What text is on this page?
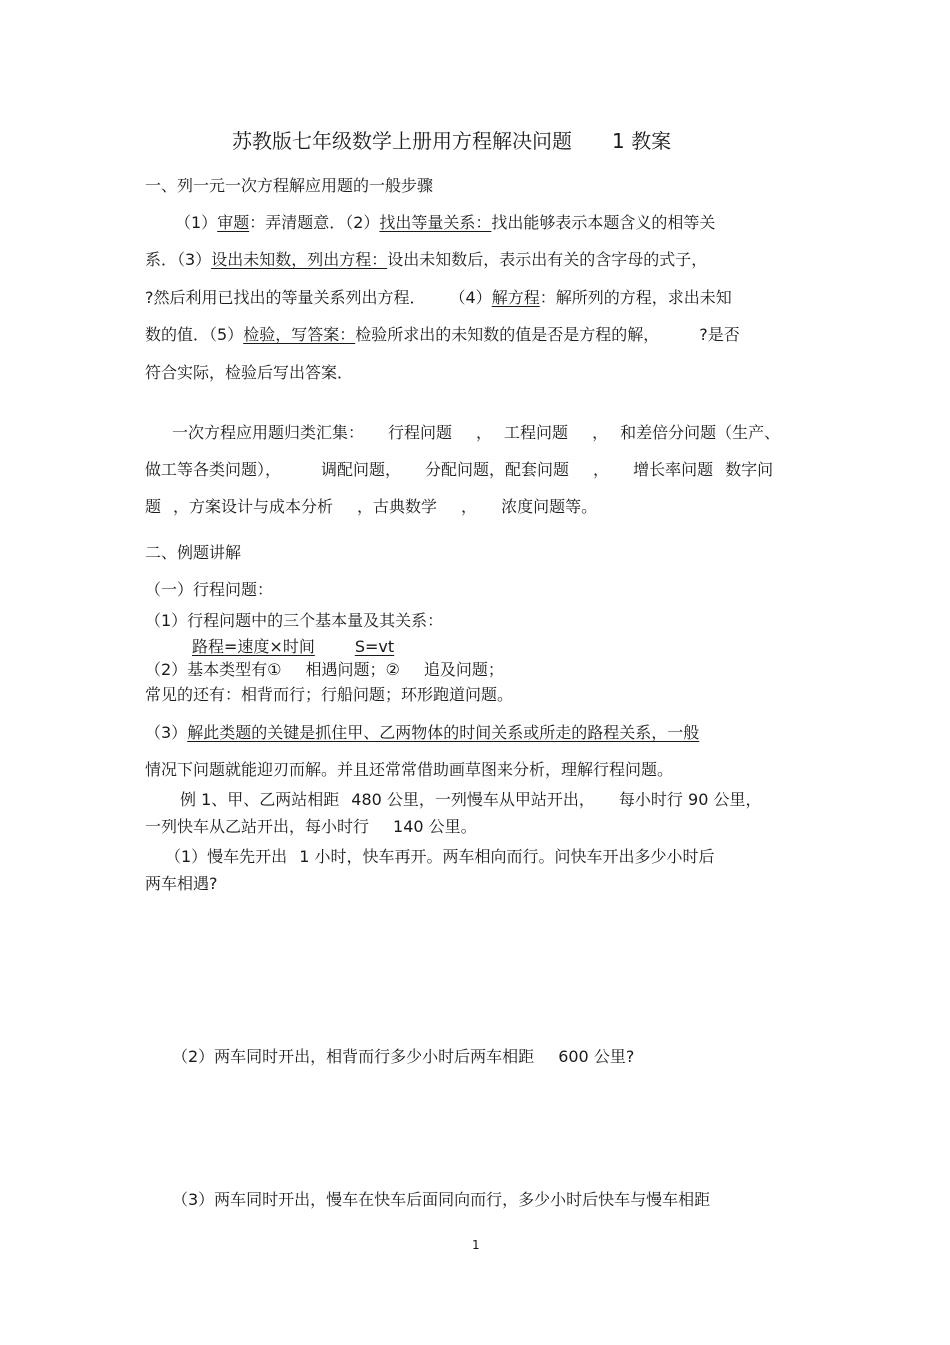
苏教版七年级数学上册用方程解决问题 1 教案
一、列一元一次方程解应用题的一般步骤
（1）审题：弄清题意．（2）找出等量关系：找出能够表示本题含义的相等关
系．（3）设出未知数，列出方程：设出未知数后，表示出有关的含字母的式子，
?然后利用已找出的等量关系列出方程． （4）解方程：解所列的方程，求出未知
数的值．（5）检验，写答案：检验所求出的未知数的值是否是方程的解，	?是否
符合实际，检验后写出答案．
一次方程应用题归类汇集： 行程问题 ， 工程问题 ， 和差倍分问题（生产、
做工等各类问题），	调配问题， 分配问题，配套问题 ， 增长率问题 数字问
题 ，方案设计与成本分析 ，古典数学 ， 浓度问题等。
二、例题讲解
（一）行程问题：
（1）行程问题中的三个基本量及其关系：
路程=速度×时间	S=vt
（2）基本类型有① 相遇问题；② 追及问题；
常见的还有：相背而行；行船问题；环形跑道问题。
（3）解此类题的关键是抓住甲、乙两物体的时间关系或所走的路程关系，一般
情况下问题就能迎刃而解。并且还常常借助画草图来分析，理解行程问题。
例 1、甲、乙两站相距 480 公里，一列慢车从甲站开出， 每小时行 90 公里，
一列快车从乙站开出，每小时行 140 公里。
（1）慢车先开出 1 小时，快车再开。两车相向而行。问快车开出多少小时后
两车相遇?
（2）两车同时开出，相背而行多少小时后两车相距 600 公里?
（3）两车同时开出，慢车在快车后面同向而行，多少小时后快车与慢车相距
1
